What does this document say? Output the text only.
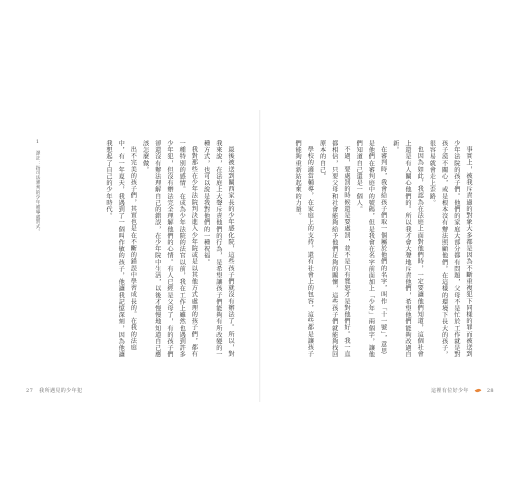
1 譯註：指司法審判的少年補導處罰式。	最後被送到關西家長的少年感化院，這些孩子們就沒有辦法了。所以，對我來說，在法庭上大聲斥責他們的行為，是希望讓孩子們能夠有所改變的一種方式，也可以說是我對他們的一種祝福。

我對那些在少年法院判決進入少年院或是以其他方式處理的孩子們，都有一種特別的感情。在成為少年法院的法官以前，我在工作上雖然也遇到許多少年犯，但沒有辦法完全理解他們的心情。有人已經是父母了，有的孩子們卻還沒有辦法理解自己的錯誤，在少年院中生活，以後才慢慢地知道自己應該怎麼做。

出不完美的孩子們，其實也是在不斷的錯誤中學習成長的。在我的法庭中，有一年夏天，我遇到了一個叫作敏的孩子，他讓我記憶深刻，因為他讓我想起了自己的少年時代。

27 我所遇見的少年犯

事實上，被我斥責過的對象大多都是因為不斷重複犯下同樣的罪而被送到少年法院的孩子們。他們的家庭大部分都有問題，父母不是忙於工作就是對孩子漠不關心，或是根本沒有辦法照顧他們。在這樣的環境下長大的孩子，很容易就會走上歪路。

也因為如此，我認為在法庭上面對他們時，一定要讓他們知道，這個社會上還是有人關心他們的。所以我才會大聲地斥責他們，希望他們能夠改過自新。

在審判時，我會給孩子們取一個屬於他們的名字，叫作「十一號」，意思是他們在審判庭中的號碼，但是我會在名字前面加上「少年」兩個字，讓他們知道自己還是一個人。

不過，要處罰的時候還是要處罰，並不是只有寬恕才是對他們好。我一直都相信，只要父母和社會能夠給予他們足夠的關懷，這些孩子們就能夠找回原本的自己。

學校的適當輔導，在家庭上的支持，還有社會上的包容，這些都是讓孩子們能夠重新站起來的力量。

這裡有位好少年	28
